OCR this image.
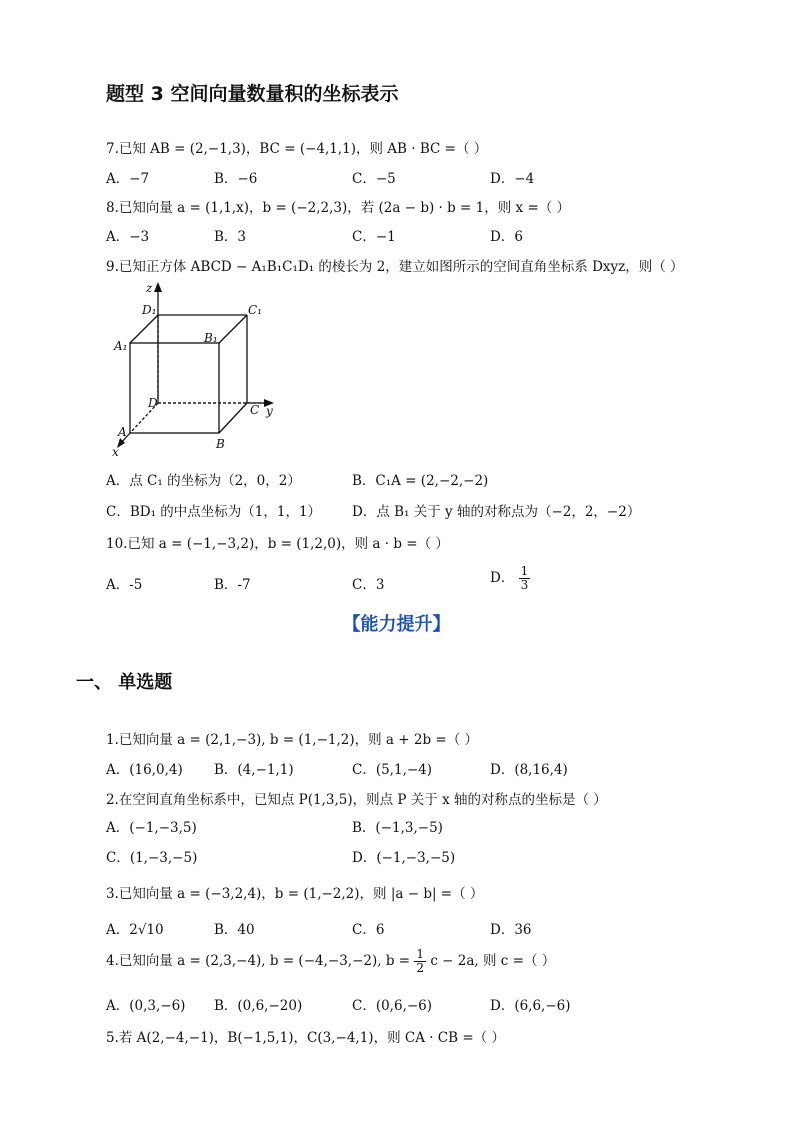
题型 3 空间向量数量积的坐标表示
7.已知 AB = (2,−1,3)，BC = (−4,1,1)，则 AB · BC =（ ）
A．−7	B．−6	C．−5	D．−4
8.已知向量 a = (1,1,x)，b = (−2,2,3)，若 (2a − b) · b = 1，则 x =（ ）
A．−3	B．3	C．−1	D．6
9.已知正方体 ABCD − A₁B₁C₁D₁ 的棱长为 2，建立如图所示的空间直角坐标系 Dxyz，则（ ）
z
y
x
A
B
C
D
A₁
B₁
C₁
D₁
A．点 C₁ 的坐标为（2，0，2）	B．C₁A = (2,−2,−2)
C．BD₁ 的中点坐标为（1，1，1） D．点 B₁ 关于 y 轴的对称点为（−2，2，−2）
10.已知 a = (−1,−3,2)，b = (1,2,0)，则 a · b =（ ）
A．-5	B．-7	C．3	D． $\frac{1}{3}$
【能力提升】
一、 单选题
1.已知向量 a = (2,1,−3), b = (1,−1,2)，则 a + 2b =（ ）
A．(16,0,4) B．(4,−1,1)	C．(5,1,−4)	D．(8,16,4)
2.在空间直角坐标系中，已知点 P(1,3,5)，则点 P 关于 x 轴的对称点的坐标是（ ）
A．(−1,−3,5)	B．(−1,3,−5)
C．(1,−3,−5)	D．(−1,−3,−5)
3.已知向量 a = (−3,2,4)，b = (1,−2,2)，则 |a − b| =（ ）
A．2√10	B．40	C．6	D．36
4.已知向量 a = (2,3,−4), b = (−4,−3,−2), $b = \frac{1}{2}$ c − 2a, 则 c =（ ）
A．(0,3,−6) B．(0,6,−20)	C．(0,6,−6)	D．(6,6,−6)
5.若 A(2,−4,−1)，B(−1,5,1)，C(3,−4,1)，则 CA · CB =（ ）
